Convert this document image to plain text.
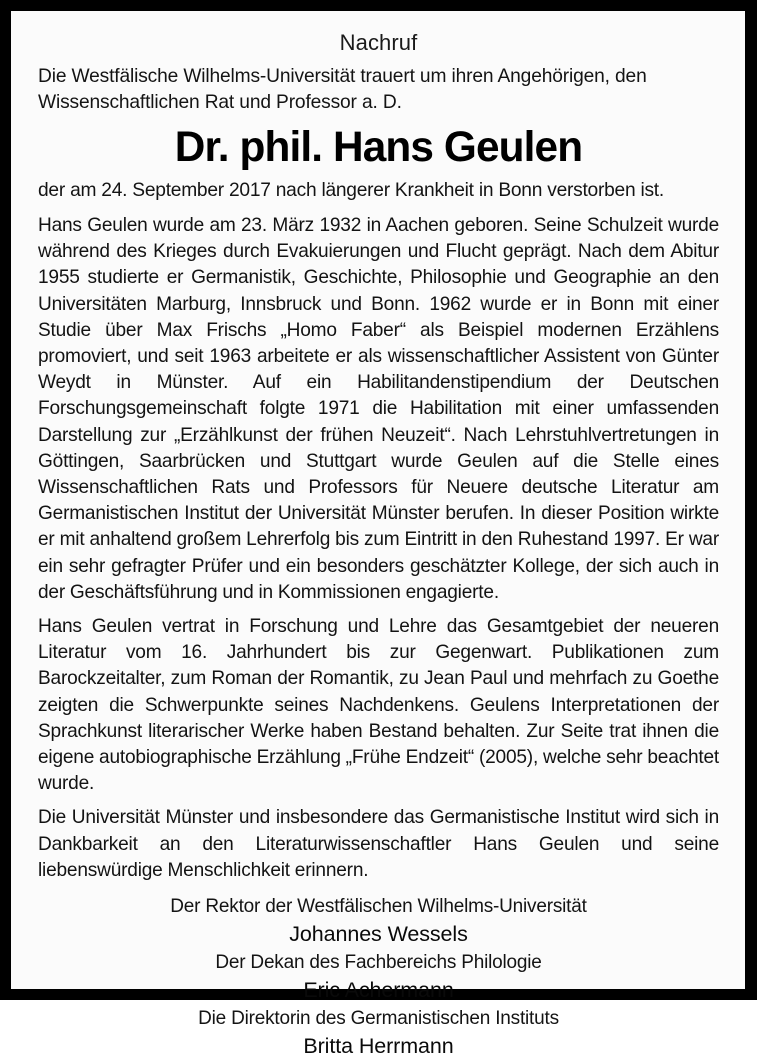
Nachruf
Die Westfälische Wilhelms-Universität trauert um ihren Angehörigen, den Wissenschaftlichen Rat und Professor a. D.
Dr. phil. Hans Geulen
der am 24. September 2017 nach längerer Krankheit in Bonn verstorben ist.
Hans Geulen wurde am 23. März 1932 in Aachen geboren. Seine Schulzeit wurde während des Krieges durch Evakuierungen und Flucht geprägt. Nach dem Abitur 1955 studierte er Germanistik, Geschichte, Philosophie und Geographie an den Universitäten Marburg, Innsbruck und Bonn. 1962 wurde er in Bonn mit einer Studie über Max Frischs „Homo Faber“ als Beispiel modernen Erzählens promoviert, und seit 1963 arbeitete er als wissenschaftlicher Assistent von Günter Weydt in Münster. Auf ein Habilitandenstipendium der Deutschen Forschungsgemeinschaft folgte 1971 die Habilitation mit einer umfassenden Darstellung zur „Erzählkunst der frühen Neuzeit“. Nach Lehrstuhlvertretungen in Göttingen, Saarbrücken und Stuttgart wurde Geulen auf die Stelle eines Wissenschaftlichen Rats und Professors für Neuere deutsche Literatur am Germanistischen Institut der Universität Münster berufen. In dieser Position wirkte er mit anhaltend großem Lehrerfolg bis zum Eintritt in den Ruhestand 1997. Er war ein sehr gefragter Prüfer und ein besonders geschätzter Kollege, der sich auch in der Geschäftsführung und in Kommissionen engagierte.
Hans Geulen vertrat in Forschung und Lehre das Gesamtgebiet der neueren Literatur vom 16. Jahrhundert bis zur Gegenwart. Publikationen zum Barockzeitalter, zum Roman der Romantik, zu Jean Paul und mehrfach zu Goethe zeigten die Schwerpunkte seines Nachdenkens. Geulens Interpretationen der Sprachkunst literarischer Werke haben Bestand behalten. Zur Seite trat ihnen die eigene autobiographische Erzählung „Frühe Endzeit“ (2005), welche sehr beachtet wurde.
Die Universität Münster und insbesondere das Germanistische Institut wird sich in Dankbarkeit an den Literaturwissenschaftler Hans Geulen und seine liebenswürdige Menschlichkeit erinnern.
Der Rektor der Westfälischen Wilhelms-Universität
Johannes Wessels
Der Dekan des Fachbereichs Philologie
Eric Achermann
Die Direktorin des Germanistischen Instituts
Britta Herrmann
